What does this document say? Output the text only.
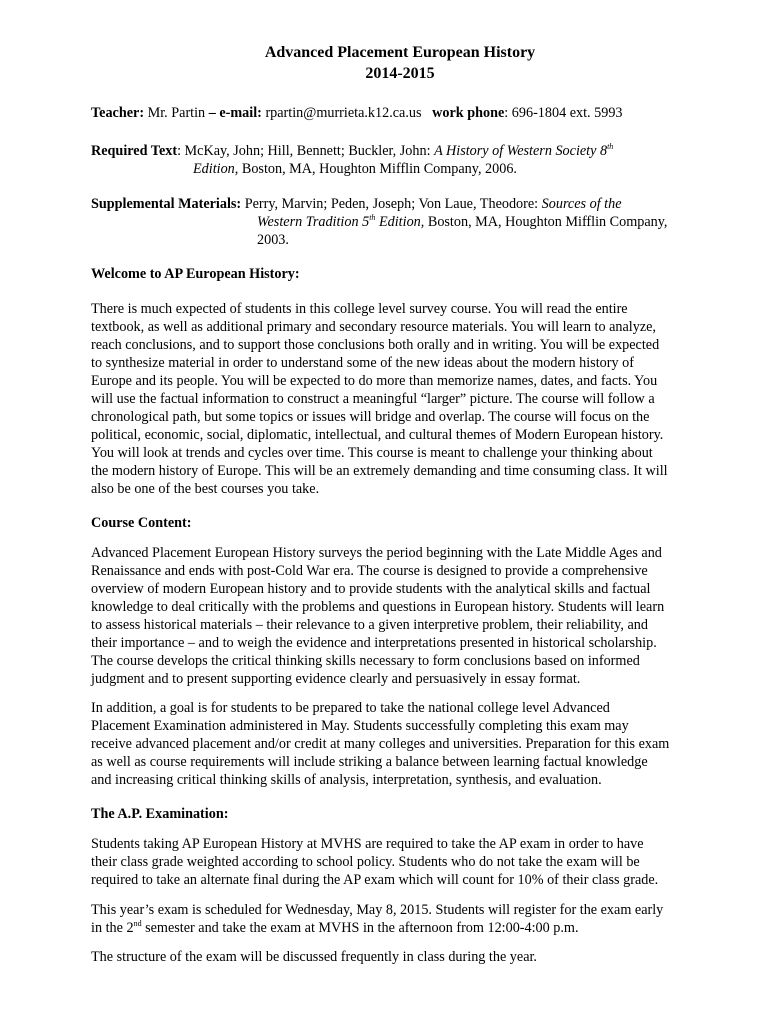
Advanced Placement European History
2014-2015
Teacher: Mr. Partin – e-mail: rpartin@murrieta.k12.ca.us work phone: 696-1804 ext. 5993
Required Text: McKay, John; Hill, Bennett; Buckler, John: A History of Western Society 8th
Edition, Boston, MA, Houghton Mifflin Company, 2006.
Supplemental Materials: Perry, Marvin; Peden, Joseph; Von Laue, Theodore: Sources of the
Western Tradition 5th Edition, Boston, MA, Houghton Mifflin Company,
2003.
Welcome to AP European History:
There is much expected of students in this college level survey course. You will read the entire
textbook, as well as additional primary and secondary resource materials. You will learn to analyze,
reach conclusions, and to support those conclusions both orally and in writing. You will be expected
to synthesize material in order to understand some of the new ideas about the modern history of
Europe and its people. You will be expected to do more than memorize names, dates, and facts. You
will use the factual information to construct a meaningful “larger” picture. The course will follow a
chronological path, but some topics or issues will bridge and overlap. The course will focus on the
political, economic, social, diplomatic, intellectual, and cultural themes of Modern European history.
You will look at trends and cycles over time. This course is meant to challenge your thinking about
the modern history of Europe. This will be an extremely demanding and time consuming class. It will
also be one of the best courses you take.
Course Content:
Advanced Placement European History surveys the period beginning with the Late Middle Ages and
Renaissance and ends with post-Cold War era. The course is designed to provide a comprehensive
overview of modern European history and to provide students with the analytical skills and factual
knowledge to deal critically with the problems and questions in European history. Students will learn
to assess historical materials – their relevance to a given interpretive problem, their reliability, and
their importance – and to weigh the evidence and interpretations presented in historical scholarship.
The course develops the critical thinking skills necessary to form conclusions based on informed
judgment and to present supporting evidence clearly and persuasively in essay format.
In addition, a goal is for students to be prepared to take the national college level Advanced
Placement Examination administered in May. Students successfully completing this exam may
receive advanced placement and/or credit at many colleges and universities. Preparation for this exam
as well as course requirements will include striking a balance between learning factual knowledge
and increasing critical thinking skills of analysis, interpretation, synthesis, and evaluation.
The A.P. Examination:
Students taking AP European History at MVHS are required to take the AP exam in order to have
their class grade weighted according to school policy. Students who do not take the exam will be
required to take an alternate final during the AP exam which will count for 10% of their class grade.
This year’s exam is scheduled for Wednesday, May 8, 2015. Students will register for the exam early
in the 2nd semester and take the exam at MVHS in the afternoon from 12:00-4:00 p.m.
The structure of the exam will be discussed frequently in class during the year.
